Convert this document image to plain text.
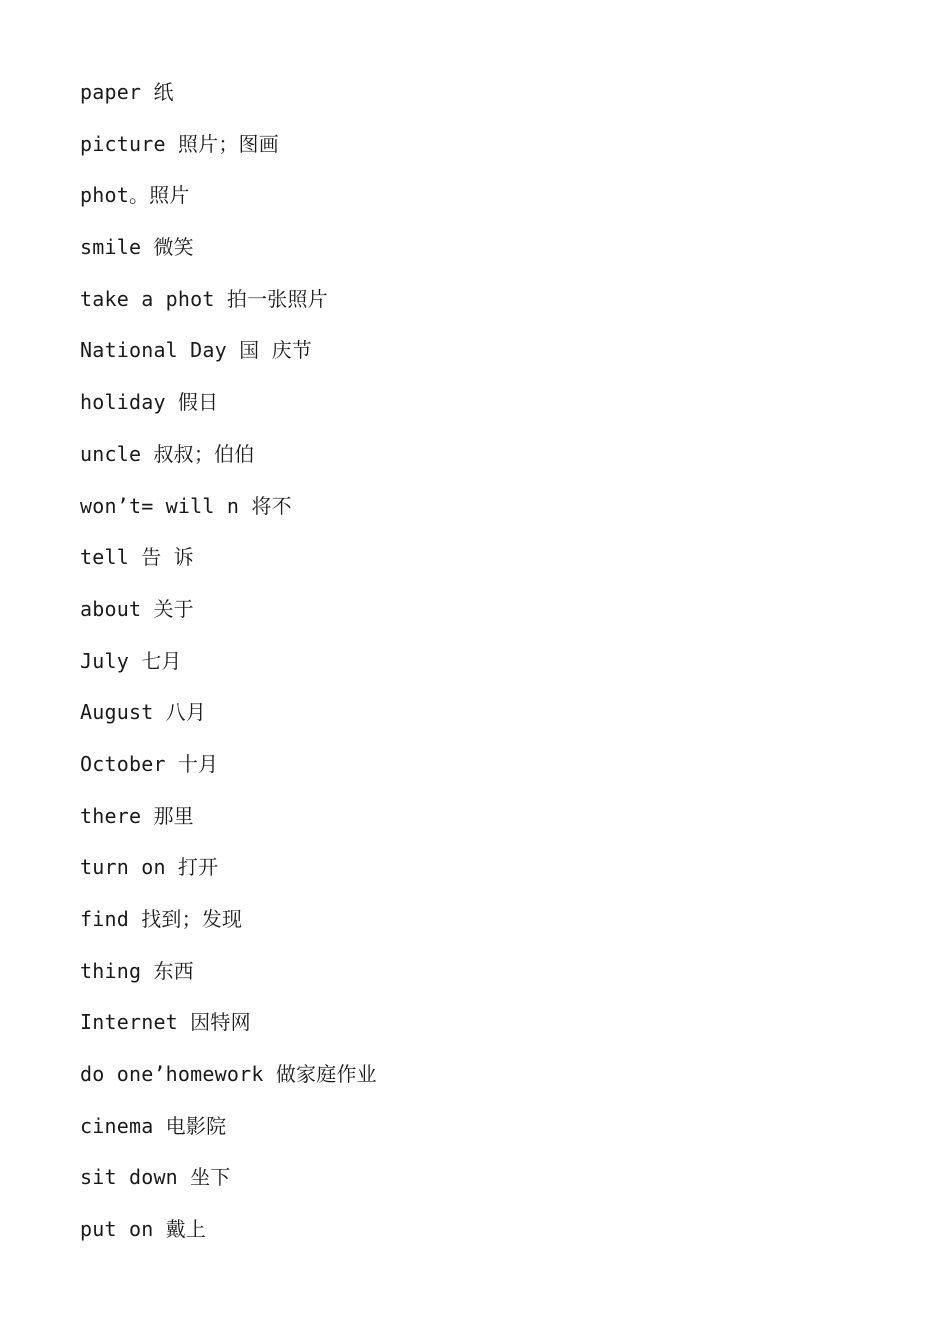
paper 纸
picture 照片；图画
phot。照片
smile 微笑
take a phot 拍一张照片
National Day 国 庆节
holiday 假日
uncle 叔叔；伯伯
won’t= will n 将不
tell 告 诉
about 关于
July 七月
August 八月
October 十月
there 那里
turn on 打开
find 找到；发现
thing 东西
Internet 因特网
do one’homework 做家庭作业
cinema 电影院
sit down 坐下
put on 戴上
